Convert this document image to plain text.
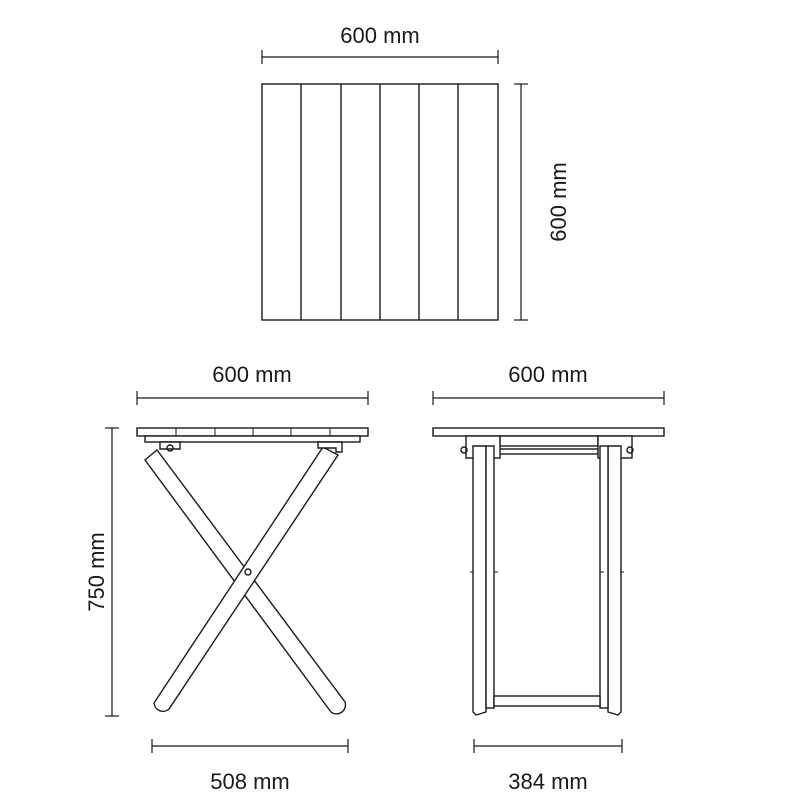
600 mm
600 mm
600 mm
750 mm
508 mm
600 mm
384 mm
